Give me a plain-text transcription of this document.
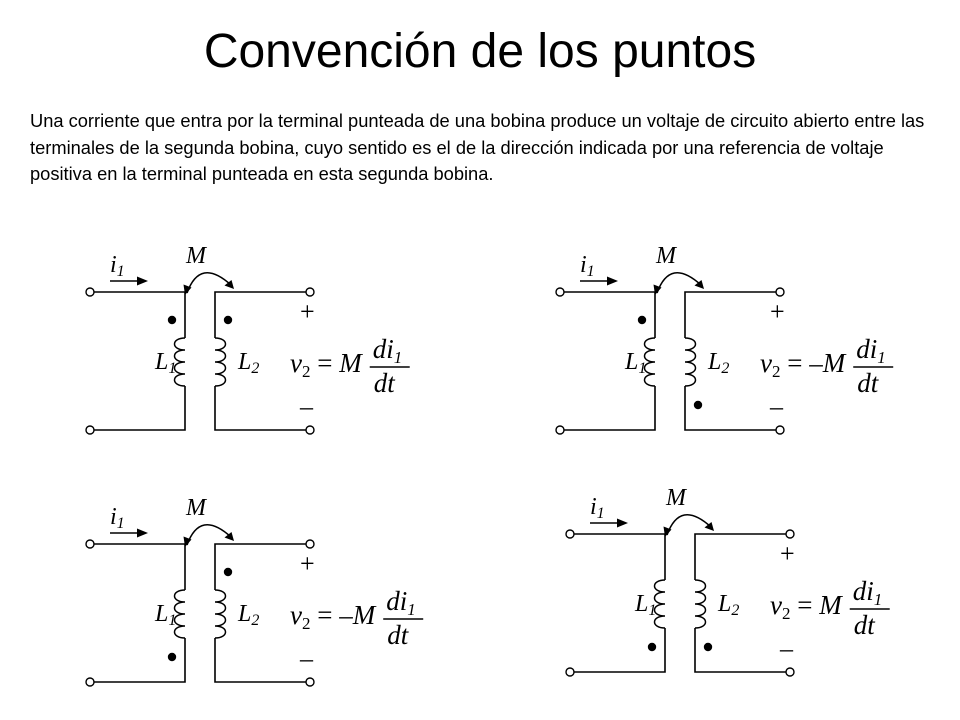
Convención de los puntos

Una corriente que entra por la terminal punteada de una bobina produce un voltaje de circuito abierto entre las terminales de la segunda bobina, cuyo sentido es el de la dirección indicada por una referencia de voltaje positiva en la terminal punteada en esta segunda bobina.

i1
M
L1	L2
+
–
v2 = M di1
dt
i1
M
L1	L2
+
–
v2 = –M di1
dt
i1
M
L1	L2
+
–
v2 = –M di1
dt
i1
M
L1	L2
+
–
v2 = M di1
dt
